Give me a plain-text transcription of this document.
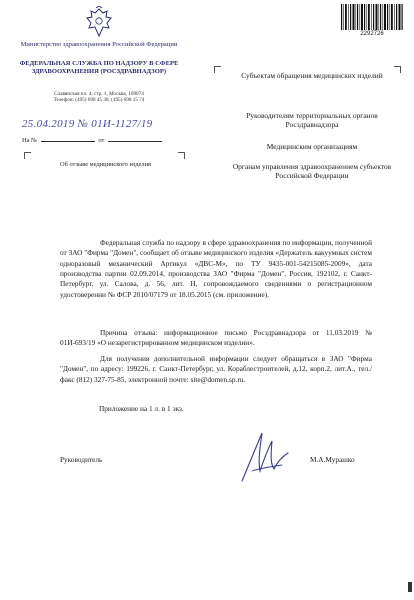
Министерство здравоохранения Российской Федерации
ФЕДЕРАЛЬНАЯ СЛУЖБА ПО НАДЗОРУ В СФЕРЕ ЗДРАВООХРАНЕНИЯ (РОСЗДРАВНАДЗОР)
Славянская пл. 4, стр. 1, Москва, 109074
Телефон: (495) 698 45 38, (495) 698 15 74
2292726
25.04.2019 № 01И-1127/19
На №	от
Об отзыве медицинского изделия
Субъектам обращения медицинских изделий
Руководителям территориальных органов Росздравнадзора
Медицинским организациям
Органам управления здравоохранением субъектов Российской Федерации
Федеральная служба по надзору в сфере здравоохранения по информации, полученной от ЗАО "Фирма "Домен", сообщает об отзыве медицинского изделия «Держатель вакуумных систем одноразовый механический Артикул «ДВС-М», по ТУ 9435-001-54215085-2009», дата производства партии 02.09.2014, производства ЗАО "Фирма "Домен", Россия, 192102, г. Санкт-Петербург, ул. Салова, д. 56, лит. Н, сопровождаемого сведениями о регистрационном удостоверении № ФСР 2010/07179 от 18.05.2015 (см. приложение).
Причина отзыва: информационное письмо Росздравнадзора от 11.03.2019 № 01И-693/19 «О незарегистрированном медицинском изделии».
Для получения дополнительной информации следует обращаться в ЗАО "Фирма "Домен", по адресу: 199226, г. Санкт-Петербург, ул. Кораблестроителей, д.12, корп.2, лит.А., тел./факс (812) 327-75-85, электронной почте: site@domen.sp.ru.
Приложение на 1 л. в 1 экз.
Руководитель	М.А.Мурашко
